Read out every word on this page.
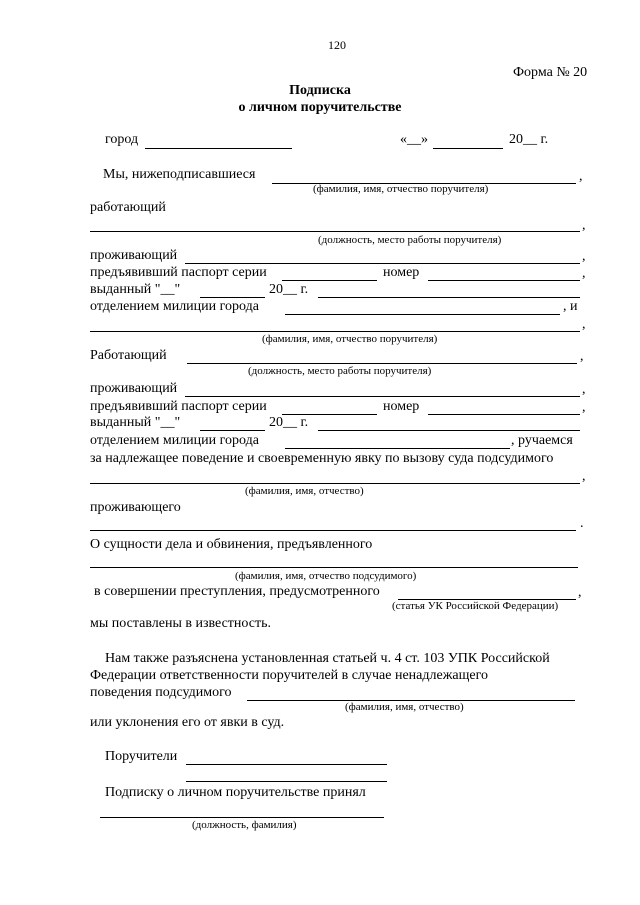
120
Форма № 20
Подписка
о личном поручительстве
город	«__»	20__ г.
Мы, нижеподписавшиеся	,
(фамилия, имя, отчество поручителя)
работающий
,
(должность, место работы поручителя)
проживающий	,
предъявивший паспорт серии	номер	,
выданный "__"	20__ г.
отделением милиции города	, и
,
(фамилия, имя, отчество поручителя)
Работающий	,
(должность, место работы поручителя)
проживающий	,
предъявивший паспорт серии	номер	,
выданный "__"	20__ г.
отделением милиции города	, ручаемся
за надлежащее поведение и своевременную явку по вызову суда подсудимого
,
(фамилия, имя, отчество)
проживающего
.
О сущности дела и обвинения, предъявленного
(фамилия, имя, отчество подсудимого)
в совершении преступления, предусмотренного	,
(статья УК Российской Федерации)
мы поставлены в известность.
Нам также разъяснена установленная статьей ч. 4 ст. 103 УПК Российской
Федерации ответственности поручителей в случае ненадлежащего
поведения подсудимого
(фамилия, имя, отчество)
или уклонения его от явки в суд.
Поручители
Подписку о личном поручительстве принял
(должность, фамилия)
